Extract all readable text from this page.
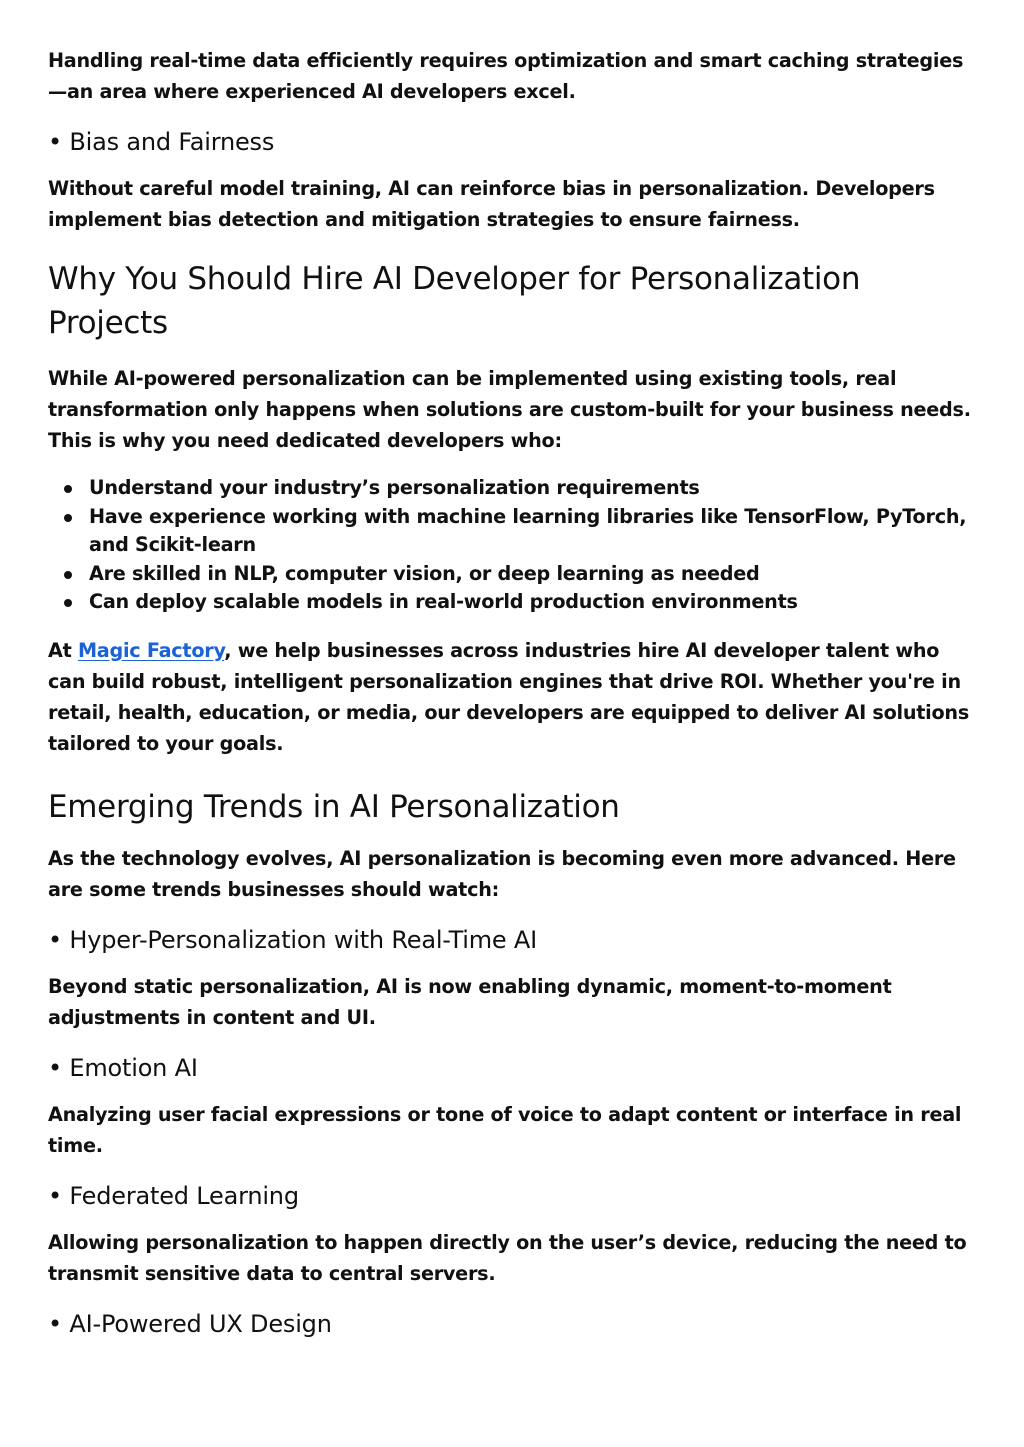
Handling real-time data efficiently requires optimization and smart caching strategies—an area where experienced AI developers excel.

• Bias and Fairness

Without careful model training, AI can reinforce bias in personalization. Developers implement bias detection and mitigation strategies to ensure fairness.

Why You Should Hire AI Developer for Personalization Projects

While AI-powered personalization can be implemented using existing tools, real transformation only happens when solutions are custom-built for your business needs. This is why you need dedicated developers who:

Understand your industry’s personalization requirements
Have experience working with machine learning libraries like TensorFlow, PyTorch, and Scikit-learn
Are skilled in NLP, computer vision, or deep learning as needed
Can deploy scalable models in real-world production environments

At Magic Factory, we help businesses across industries hire AI developer talent who can build robust, intelligent personalization engines that drive ROI. Whether you're in retail, health, education, or media, our developers are equipped to deliver AI solutions tailored to your goals.

Emerging Trends in AI Personalization

As the technology evolves, AI personalization is becoming even more advanced. Here are some trends businesses should watch:

• Hyper-Personalization with Real-Time AI

Beyond static personalization, AI is now enabling dynamic, moment-to-moment adjustments in content and UI.

• Emotion AI

Analyzing user facial expressions or tone of voice to adapt content or interface in real time.

• Federated Learning

Allowing personalization to happen directly on the user’s device, reducing the need to transmit sensitive data to central servers.

• AI-Powered UX Design
